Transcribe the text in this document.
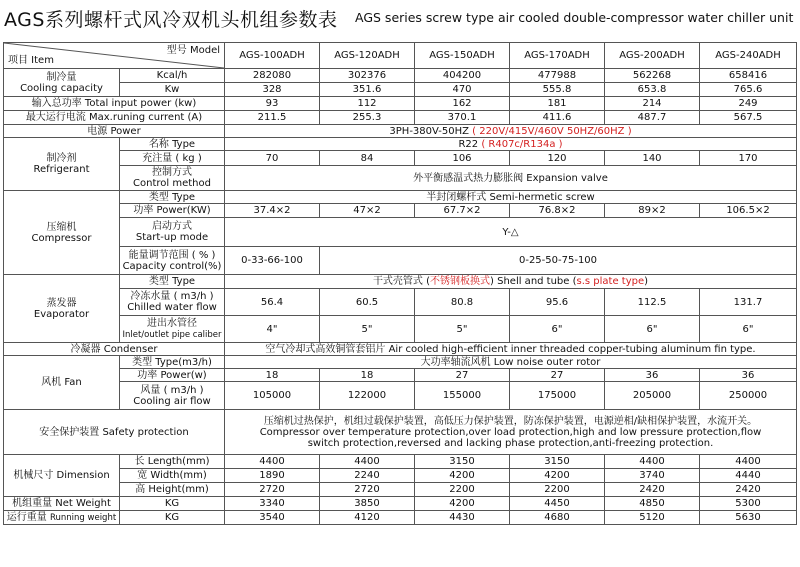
AGS系列螺杆式风冷双机头机组参数表 AGS series screw type air cooled double-compressor water chiller unit
型号 Model
项目 Item		AGS-100ADH	AGS-120ADH	AGS-150ADH	AGS-170ADH	AGS-200ADH	AGS-240ADH
制冷量
Cooling capacity	Kcal/h	282080	302376	404200	477988	562268	658416
	Kw	328	351.6	470	555.8	653.8	765.6
输入总功率 Total input power (kw)		93	112	162	181	214	249
最大运行电流 Max.runing current (A)		211.5	255.3	370.1	411.6	487.7	567.5
电源 Power		3PH-380V-50HZ ( 220V/415V/460V 50HZ/60HZ )					
制冷剂
Refrigerant	名称 Type	R22 ( R407c/R134a )					
	充注量 ( kg )	70	84	106	120	140	170
	控制方式
Control method	外平衡感温式热力膨胀阀 Expansion valve					
压缩机
Compressor	类型 Type	半封闭螺杆式 Semi-hermetic screw					
	功率 Power(KW)	37.4×2	47×2	67.7×2	76.8×2	89×2	106.5×2
	启动方式
Start-up mode	Y-△					
	能量调节范围 ( % )
Capacity control(%)	0-33-66-100	0-25-50-75-100				
蒸发器
Evaporator	类型 Type	干式壳管式 (不锈钢板换式) Shell and tube (s.s plate type)					
	冷冻水量 ( m3/h )
Chilled water flow	56.4	60.5	80.8	95.6	112.5	131.7
	进出水管径
Inlet/outlet pipe caliber	4"	5"	5"	6"	6"	6"
冷凝器 Condenser		空气冷却式高效铜管套铝片 Air cooled high-efficient inner threaded copper-tubing aluminum fin type.					
风机 Fan	类型 Type(m3/h)	大功率轴流风机 Low noise outer rotor					
	功率 Power(w)	18	18	27	27	36	36
	风量 ( m3/h )
Cooling air flow	105000	122000	155000	175000	205000	250000
安全保护装置 Safety protection		压缩机过热保护，机组过载保护装置，高低压力保护装置，防冻保护装置，电源逆相/缺相保护装置，水流开关。
Compressor over temperature protection,over load protection,high and low pressure protection,flow
switch protection,reversed and lacking phase protection,anti-freezing protection.					

机械尺寸 Dimension	长 Length(mm)	4400	4400	3150	3150	4400	4400
	宽 Width(mm)	1890	2240	4200	4200	3740	4440
	高 Height(mm)	2720	2720	2200	2200	2420	2420
机组重量 Net Weight	KG	3340	3850	4200	4450	4850	5300
运行重量 Running weight	KG	3540	4120	4430	4680	5120	5630
